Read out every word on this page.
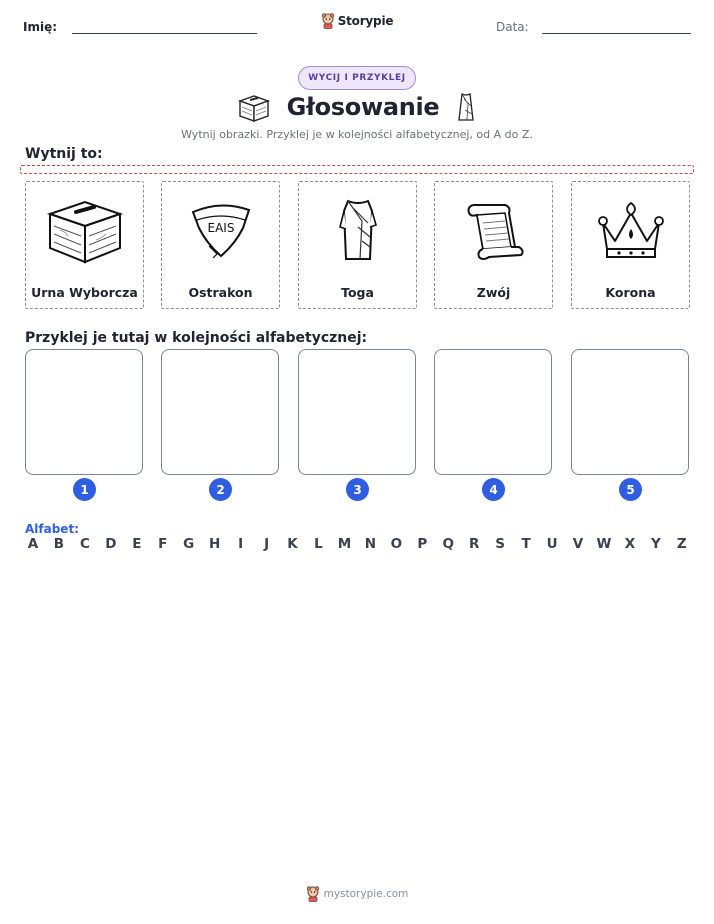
Imię:	Storypie	Data:
WYCIJ I PRZYKLEJ
Głosowanie
Wytnij obrazki. Przyklej je w kolejności alfabetycznej, od A do Z.
Wytnij to:
Urna Wyborcza
EAIS
Ostrakon	Toga	Zwój	Korona
Przyklej je tutaj w kolejności alfabetycznej:
1	2	3	4	5
Alfabet:
A B C D E F G H	I	J	K L M N O P Q R S T U V W X Y Z
mystorypie.com
